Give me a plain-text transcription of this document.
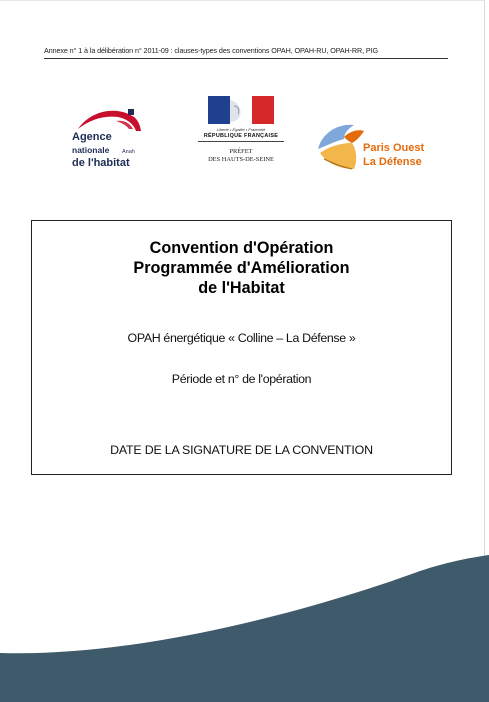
Annexe n° 1 à la délibération n° 2011-09 : clauses-types des conventions OPAH, OPAH-RU, OPAH-RR, PIG
Agence
nationale Anah
de l'habitat
Liberté • Égalité • Fraternité
RÉPUBLIQUE FRANÇAISE
PRÉFET
DES HAUTS-DE-SEINE
Paris Ouest
La Défense
Convention d'Opération
Programmée d'Amélioration
de l'Habitat
OPAH énergétique « Colline – La Défense »
Période et n° de l'opération
DATE DE LA SIGNATURE DE LA CONVENTION
